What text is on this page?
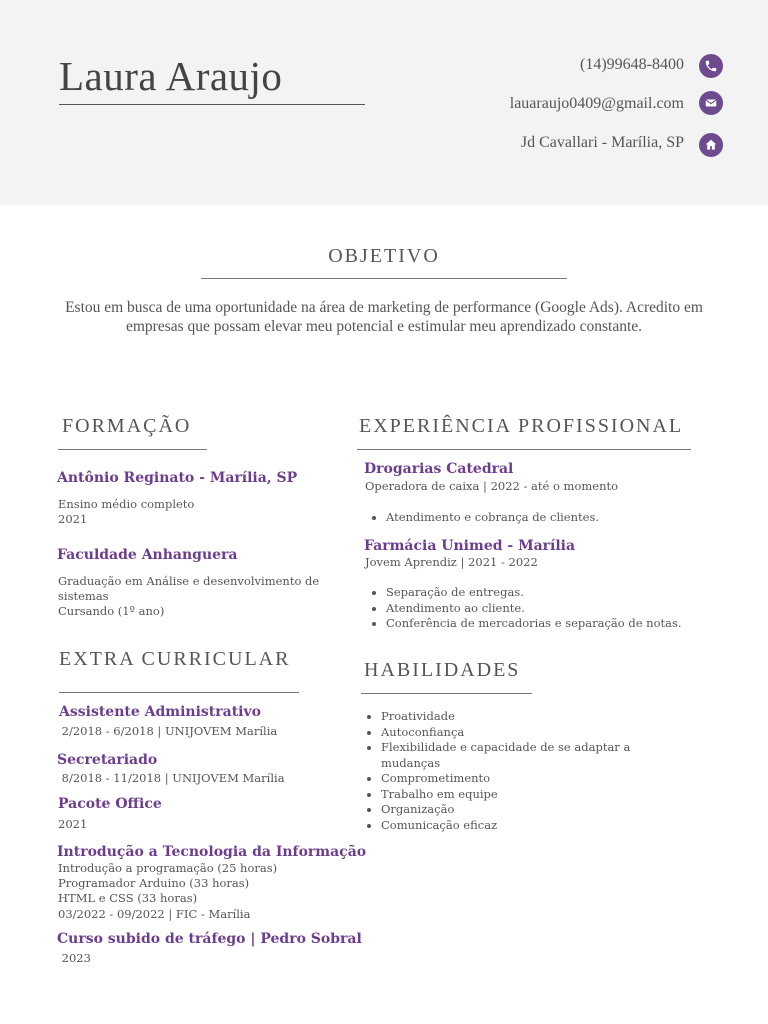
Laura Araujo	(14)99648-8400
lauaraujo0409@gmail.com
Jd Cavallari - Marília, SP
OBJETIVO
Estou em busca de uma oportunidade na área de marketing de performance (Google Ads). Acredito em empresas que possam elevar meu potencial e estimular meu aprendizado constante.
FORMAÇÃO
Antônio Reginato - Marília, SP
Ensino médio completo
2021
Faculdade Anhanguera
Graduação em Análise e desenvolvimento de
sistemas
Cursando (1º ano)
EXTRA CURRICULAR
Assistente Administrativo
2/2018 - 6/2018 | UNIJOVEM Marília
Secretariado
8/2018 - 11/2018 | UNIJOVEM Marília
Pacote Office
2021
Introdução a Tecnologia da Informação
Introdução a programação (25 horas)
Programador Arduino (33 horas)
HTML e CSS (33 horas)
03/2022 - 09/2022 | FIC - Marília
Curso subido de tráfego | Pedro Sobral
2023
EXPERIÊNCIA PROFISSIONAL
Drogarias Catedral
Operadora de caixa | 2022 - até o momento
• Atendimento e cobrança de clientes.
Farmácia Unimed - Marília
Jovem Aprendiz | 2021 - 2022
• Separação de entregas.
• Atendimento ao cliente.
• Conferência de mercadorias e separação de notas.
HABILIDADES
• Proatividade
• Autoconfiança
• Flexibilidade e capacidade de se adaptar a mudanças
• Comprometimento
• Trabalho em equipe
• Organização
• Comunicação eficaz
